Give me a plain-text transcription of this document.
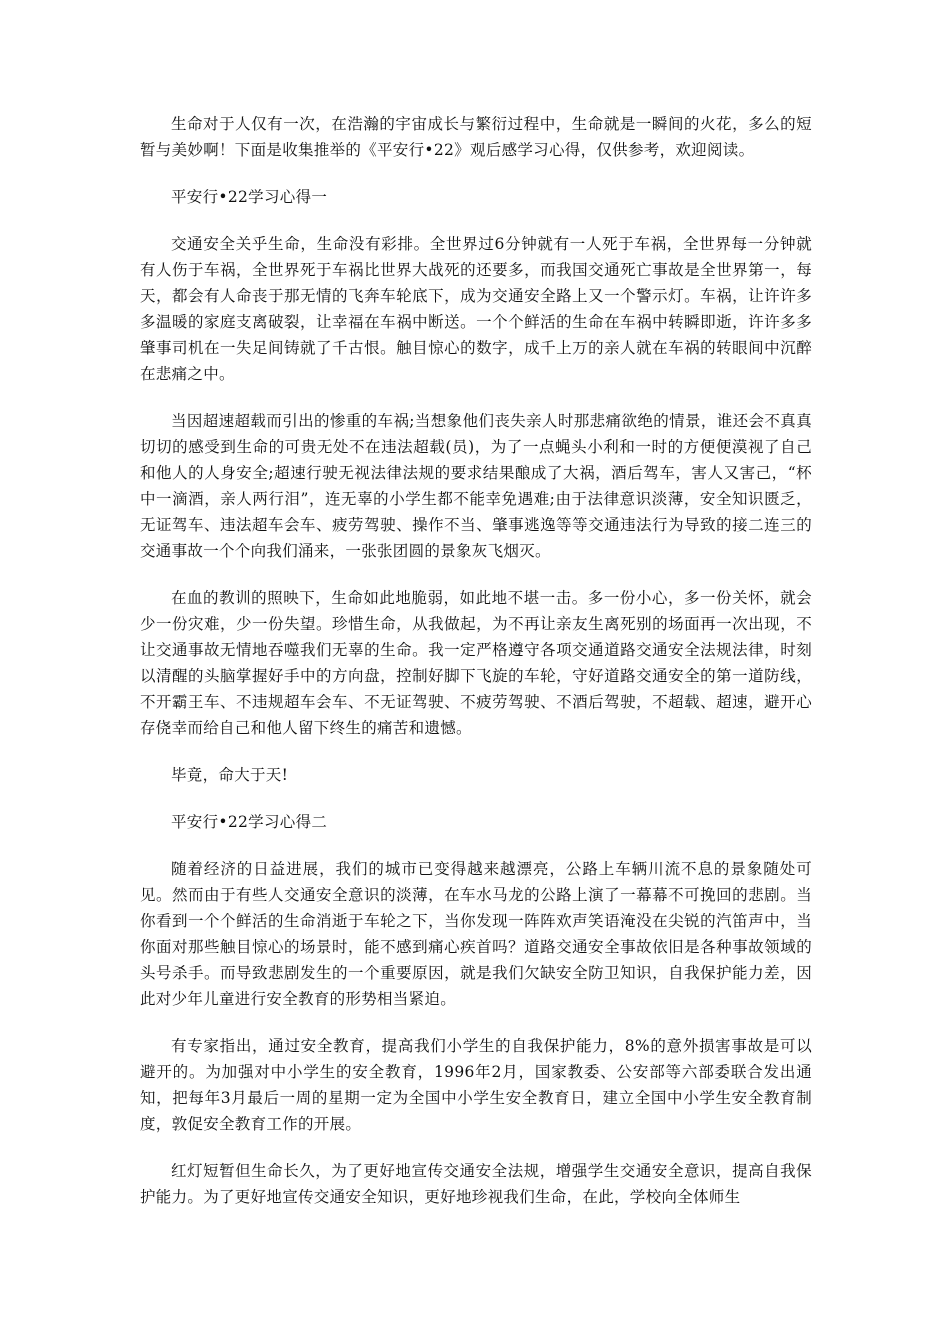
生命对于人仅有一次，在浩瀚的宇宙成长与繁衍过程中，生命就是一瞬间的火花，多么的短暂与美妙啊！下面是收集推举的《平安行•22》观后感学习心得，仅供参考，欢迎阅读。

平安行•22学习心得一

交通安全关乎生命，生命没有彩排。全世界过6分钟就有一人死于车祸，全世界每一分钟就有人伤于车祸，全世界死于车祸比世界大战死的还要多，而我国交通死亡事故是全世界第一，每天，都会有人命丧于那无情的飞奔车轮底下，成为交通安全路上又一个警示灯。车祸，让许许多多温暖的家庭支离破裂，让幸福在车祸中断送。一个个鲜活的生命在车祸中转瞬即逝，许许多多肇事司机在一失足间铸就了千古恨。触目惊心的数字，成千上万的亲人就在车祸的转眼间中沉醉在悲痛之中。

当因超速超载而引出的惨重的车祸;当想象他们丧失亲人时那悲痛欲绝的情景，谁还会不真真切切的感受到生命的可贵无处不在违法超载(员)，为了一点蝇头小利和一时的方便便漠视了自己和他人的人身安全;超速行驶无视法律法规的要求结果酿成了大祸，酒后驾车，害人又害己，“杯中一滴酒，亲人两行泪”，连无辜的小学生都不能幸免遇难;由于法律意识淡薄，安全知识匮乏，无证驾车、违法超车会车、疲劳驾驶、操作不当、肇事逃逸等等交通违法行为导致的接二连三的交通事故一个个向我们涌来，一张张团圆的景象灰飞烟灭。

在血的教训的照映下，生命如此地脆弱，如此地不堪一击。多一份小心，多一份关怀，就会少一份灾难，少一份失望。珍惜生命，从我做起，为不再让亲友生离死别的场面再一次出现，不让交通事故无情地吞噬我们无辜的生命。我一定严格遵守各项交通道路交通安全法规法律，时刻以清醒的头脑掌握好手中的方向盘，控制好脚下飞旋的车轮，守好道路交通安全的第一道防线，不开霸王车、不违规超车会车、不无证驾驶、不疲劳驾驶、不酒后驾驶，不超载、超速，避开心存侥幸而给自己和他人留下终生的痛苦和遗憾。

毕竟，命大于天!

平安行•22学习心得二

随着经济的日益进展，我们的城市已变得越来越漂亮，公路上车辆川流不息的景象随处可见。然而由于有些人交通安全意识的淡薄，在车水马龙的公路上演了一幕幕不可挽回的悲剧。当你看到一个个鲜活的生命消逝于车轮之下，当你发现一阵阵欢声笑语淹没在尖锐的汽笛声中，当你面对那些触目惊心的场景时，能不感到痛心疾首吗？道路交通安全事故依旧是各种事故领域的头号杀手。而导致悲剧发生的一个重要原因，就是我们欠缺安全防卫知识，自我保护能力差，因此对少年儿童进行安全教育的形势相当紧迫。

有专家指出，通过安全教育，提高我们小学生的自我保护能力，8%的意外损害事故是可以避开的。为加强对中小学生的安全教育，1996年2月，国家教委、公安部等六部委联合发出通知，把每年3月最后一周的星期一定为全国中小学生安全教育日，建立全国中小学生安全教育制度，敦促安全教育工作的开展。

红灯短暂但生命长久，为了更好地宣传交通安全法规，增强学生交通安全意识，提高自我保护能力。为了更好地宣传交通安全知识，更好地珍视我们生命，在此，学校向全体师生
